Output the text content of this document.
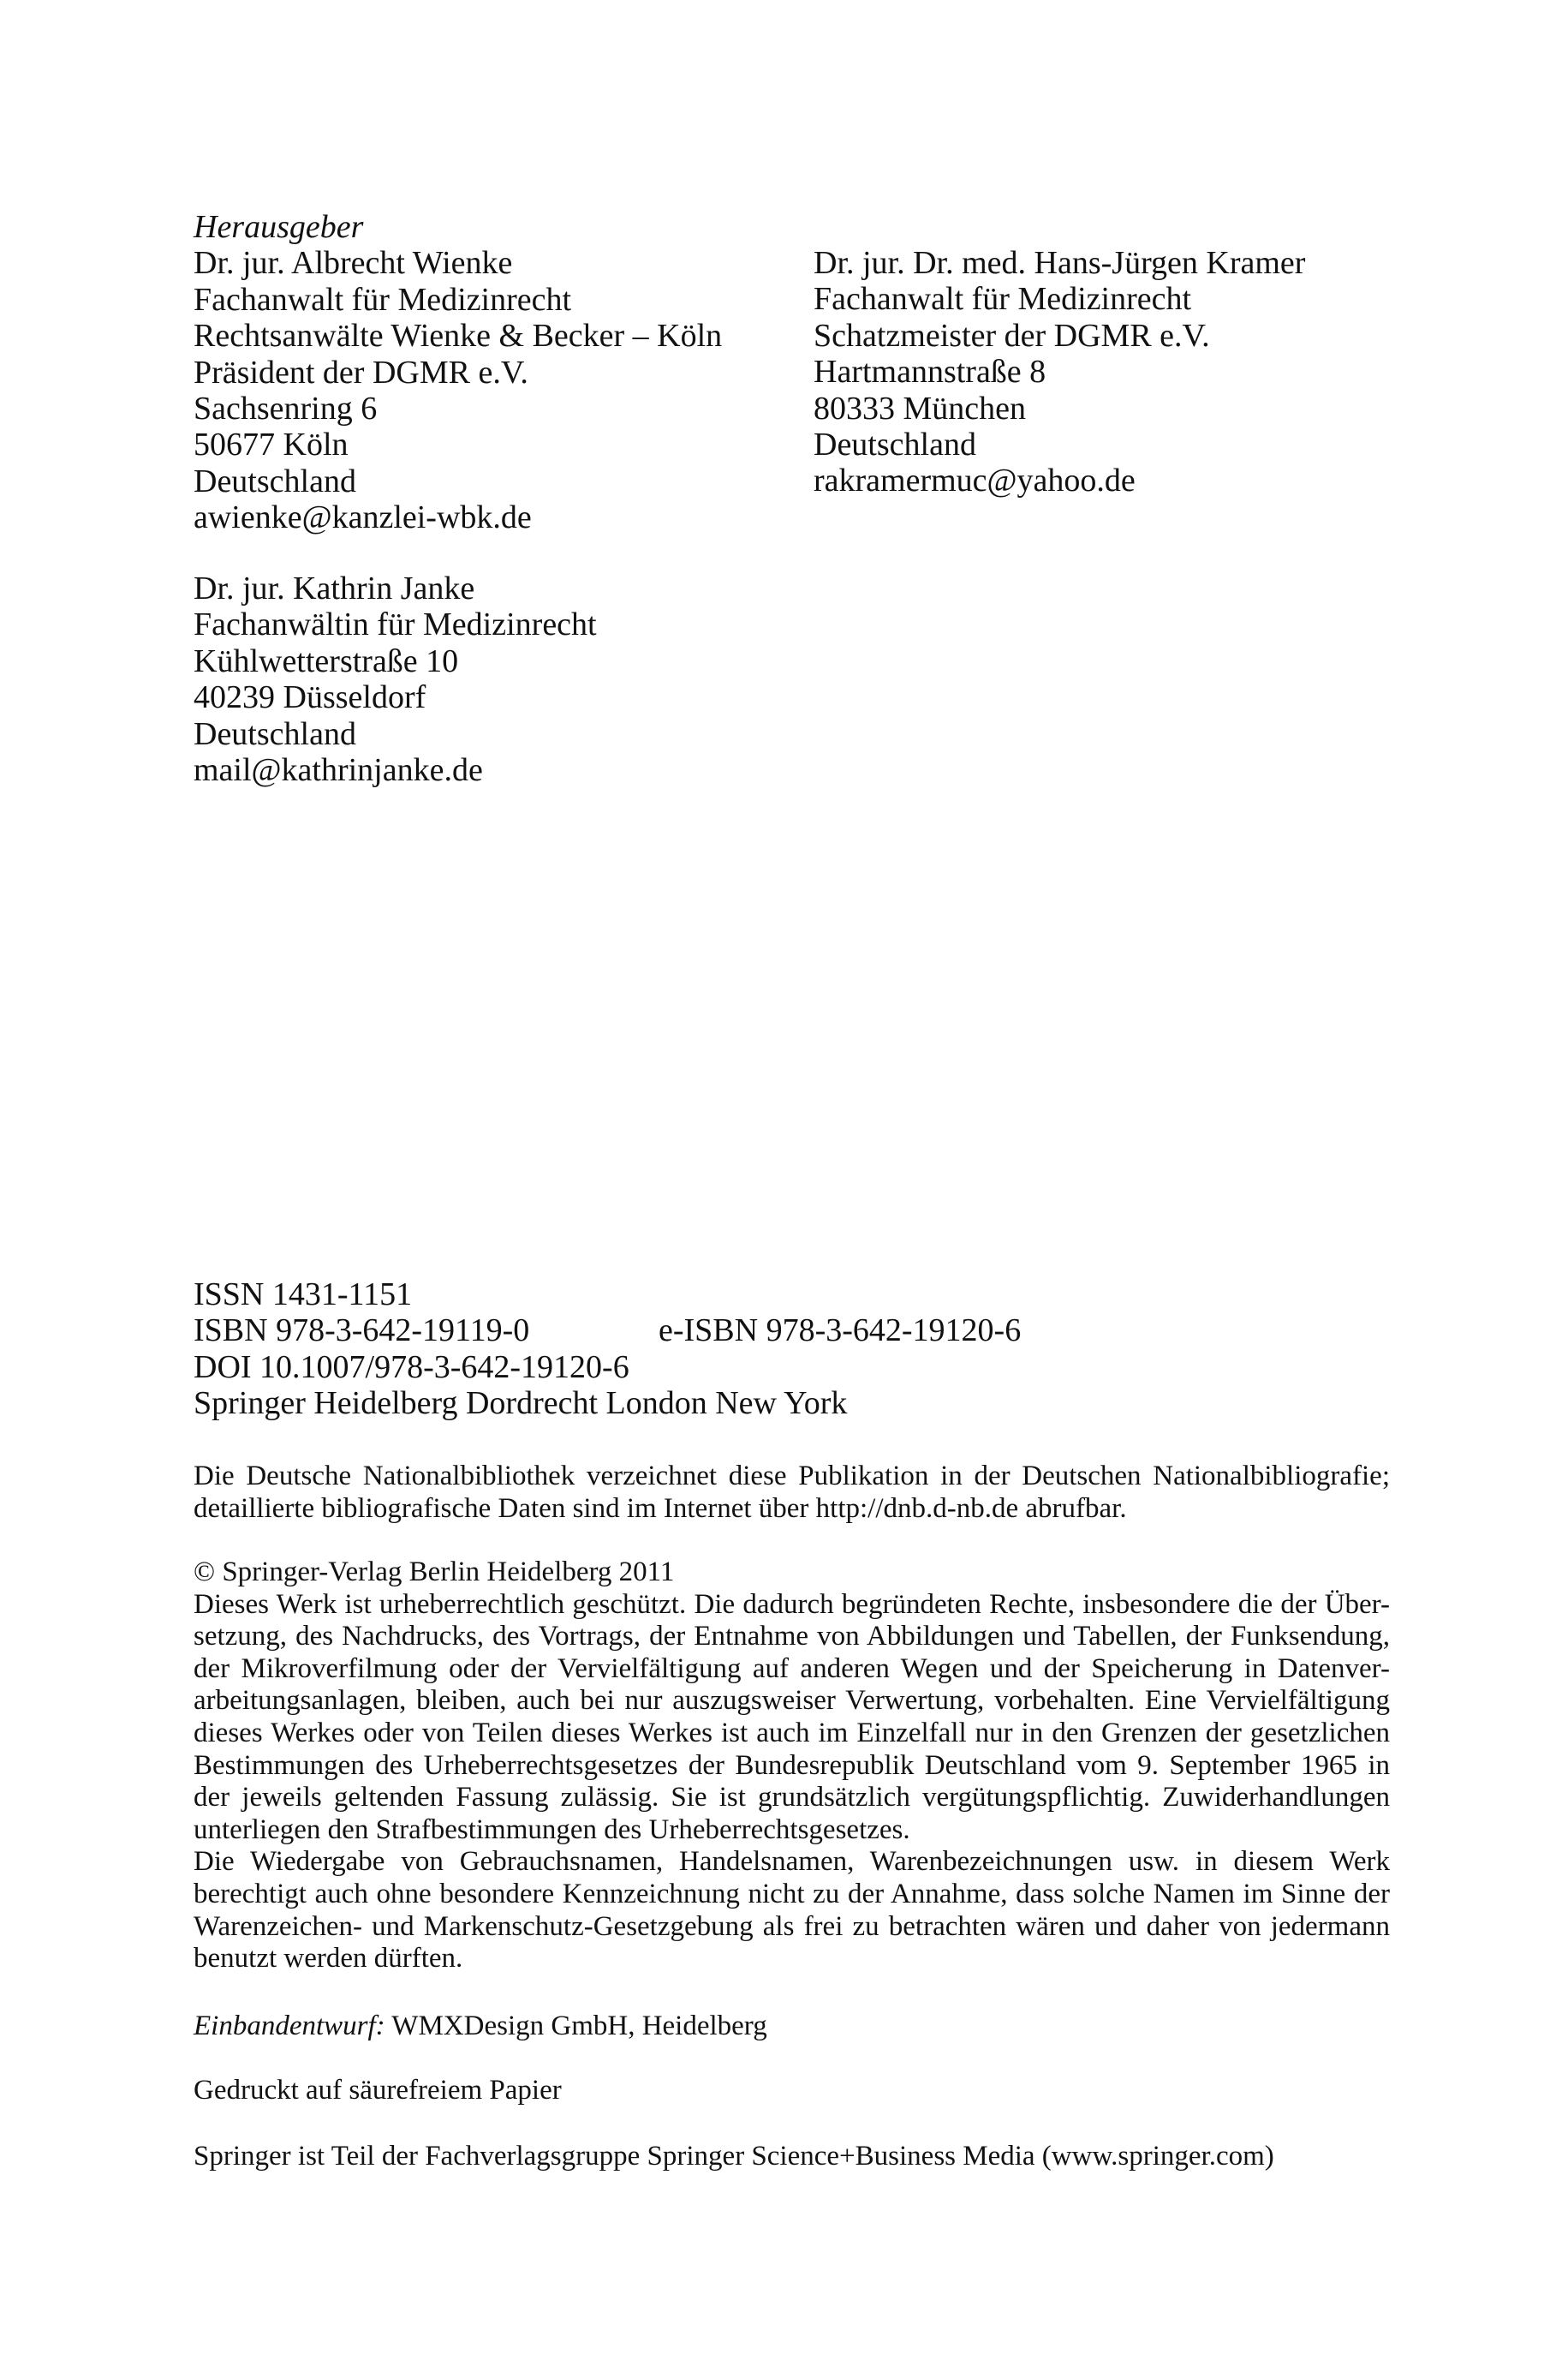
Herausgeber
Dr. jur. Albrecht Wienke
Fachanwalt für Medizinrecht
Rechtsanwälte Wienke & Becker – Köln
Präsident der DGMR e.V.
Sachsenring 6
50677 Köln
Deutschland
awienke@kanzlei-wbk.de
Dr. jur. Dr. med. Hans-Jürgen Kramer
Fachanwalt für Medizinrecht
Schatzmeister der DGMR e.V.
Hartmannstraße 8
80333 München
Deutschland
rakramermuc@yahoo.de
Dr. jur. Kathrin Janke
Fachanwältin für Medizinrecht
Kühlwetterstraße 10
40239 Düsseldorf
Deutschland
mail@kathrinjanke.de
ISSN 1431-1151
ISBN 978-3-642-19119-0	e-ISBN 978-3-642-19120-6
DOI 10.1007/978-3-642-19120-6
Springer Heidelberg Dordrecht London New York
Die Deutsche Nationalbibliothek verzeichnet diese Publikation in der Deutschen Nationalbibliografie;
detaillierte bibliografische Daten sind im Internet über http://dnb.d-nb.de abrufbar.
© Springer-Verlag Berlin Heidelberg 2011
Dieses Werk ist urheberrechtlich geschützt. Die dadurch begründeten Rechte, insbesondere die der Über-
setzung, des Nachdrucks, des Vortrags, der Entnahme von Abbildungen und Tabellen, der Funksendung,
der Mikroverfilmung oder der Vervielfältigung auf anderen Wegen und der Speicherung in Datenver-
arbeitungsanlagen, bleiben, auch bei nur auszugsweiser Verwertung, vorbehalten. Eine Vervielfältigung
dieses Werkes oder von Teilen dieses Werkes ist auch im Einzelfall nur in den Grenzen der gesetzlichen
Bestimmungen des Urheberrechtsgesetzes der Bundesrepublik Deutschland vom 9. September 1965 in
der jeweils geltenden Fassung zulässig. Sie ist grundsätzlich vergütungspflichtig. Zuwiderhandlungen
unterliegen den Strafbestimmungen des Urheberrechtsgesetzes.
Die Wiedergabe von Gebrauchsnamen, Handelsnamen, Warenbezeichnungen usw. in diesem Werk
berechtigt auch ohne besondere Kennzeichnung nicht zu der Annahme, dass solche Namen im Sinne der
Warenzeichen- und Markenschutz-Gesetzgebung als frei zu betrachten wären und daher von jedermann
benutzt werden dürften.
Einbandentwurf: WMXDesign GmbH, Heidelberg
Gedruckt auf säurefreiem Papier
Springer ist Teil der Fachverlagsgruppe Springer Science+Business Media (www.springer.com)
